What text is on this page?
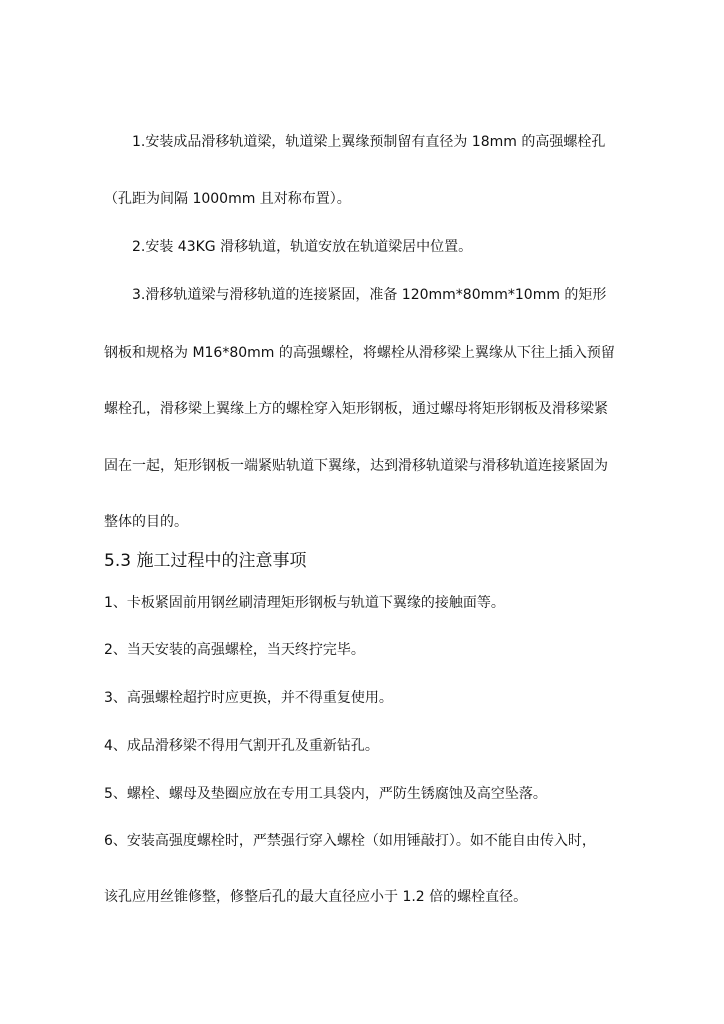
1.安装成品滑移轨道梁，轨道梁上翼缘预制留有直径为 18mm 的高强螺栓孔
（孔距为间隔 1000mm 且对称布置）。
2.安装 43KG 滑移轨道，轨道安放在轨道梁居中位置。
3.滑移轨道梁与滑移轨道的连接紧固，准备 120mm*80mm*10mm 的矩形
钢板和规格为 M16*80mm 的高强螺栓，将螺栓从滑移梁上翼缘从下往上插入预留
螺栓孔，滑移梁上翼缘上方的螺栓穿入矩形钢板，通过螺母将矩形钢板及滑移梁紧
固在一起，矩形钢板一端紧贴轨道下翼缘，达到滑移轨道梁与滑移轨道连接紧固为
整体的目的。
5.3 施工过程中的注意事项
1、卡板紧固前用钢丝刷清理矩形钢板与轨道下翼缘的接触面等。
2、当天安装的高强螺栓，当天终拧完毕。
3、高强螺栓超拧时应更换，并不得重复使用。
4、成品滑移梁不得用气割开孔及重新钻孔。
5、螺栓、螺母及垫圈应放在专用工具袋内，严防生锈腐蚀及高空坠落。
6、安装高强度螺栓时，严禁强行穿入螺栓（如用锤敲打）。如不能自由传入时，
该孔应用丝锥修整，修整后孔的最大直径应小于 1.2 倍的螺栓直径。
